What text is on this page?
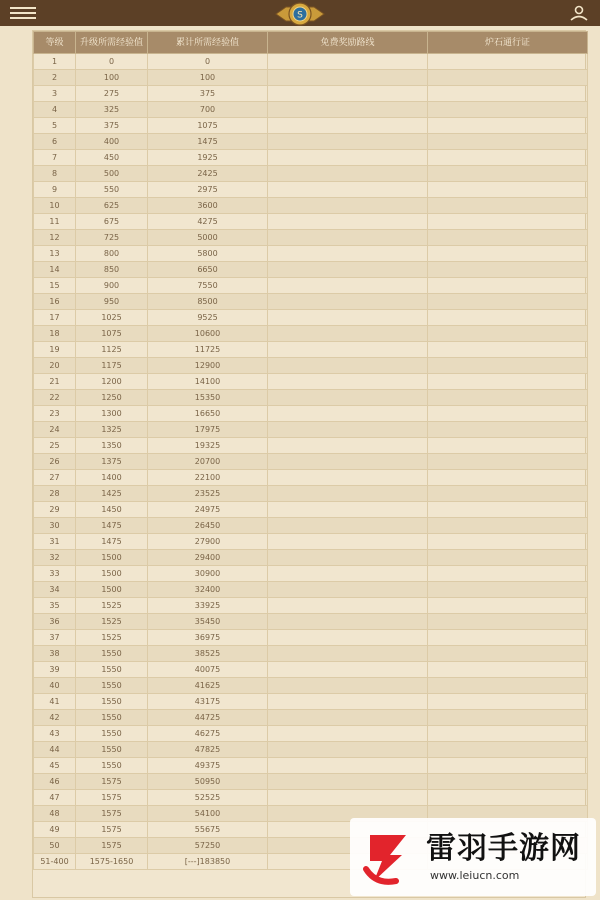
S
等级	升级所需经验值	累计所需经验值	免费奖励路线	炉石通行证
1	0	0		
2	100	100		
3	275	375		
4	325	700		
5	375	1075		
6	400	1475		
7	450	1925		
8	500	2425		
9	550	2975		
10	625	3600		
11	675	4275		
12	725	5000		
13	800	5800		
14	850	6650		
15	900	7550		
16	950	8500		
17	1025	9525		
18	1075	10600		
19	1125	11725		
20	1175	12900		
21	1200	14100		
22	1250	15350		
23	1300	16650		
24	1325	17975		
25	1350	19325		
26	1375	20700		
27	1400	22100		
28	1425	23525		
29	1450	24975		
30	1475	26450		
31	1475	27900		
32	1500	29400		
33	1500	30900		
34	1500	32400		
35	1525	33925		
36	1525	35450		
37	1525	36975		
38	1550	38525		
39	1550	40075		
40	1550	41625		
41	1550	43175		
42	1550	44725		
43	1550	46275		
44	1550	47825		
45	1550	49375		
46	1575	50950		
47	1575	52525		
48	1575	54100		
49	1575	55675		
50	1575	57250		
51-400	1575-1650	[---]183850			雷羽手游网
www.leiucn.com
